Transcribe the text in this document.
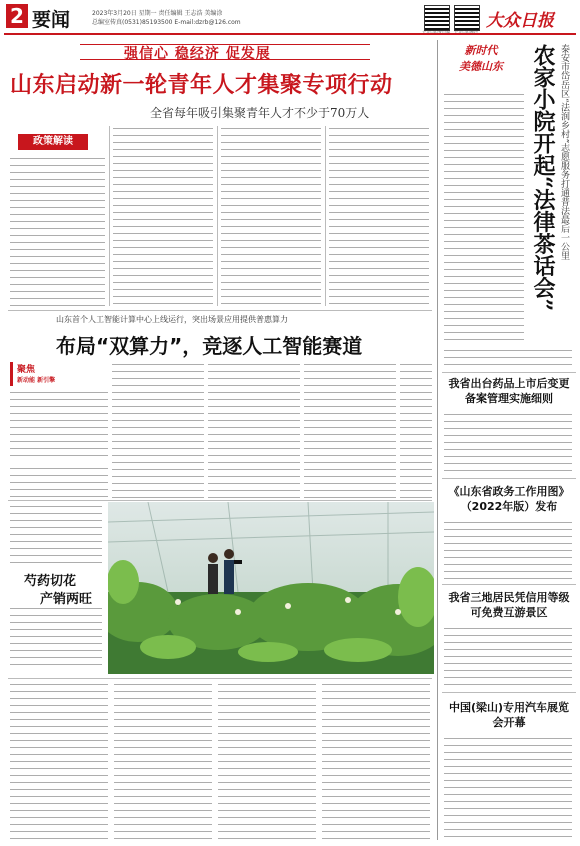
2 要闻	2023年3月20日 星期一 责任编辑 王志浩 美编涂
总编室传真(0531)85193500 E-mail:dzrb@126.com	大众日报
强信心 稳经济 促发展
山东启动新一轮青年人才集聚专项行动
全省每年吸引集聚青年人才不少于70万人
政策解读
山东首个人工智能计算中心上线运行，突出场景应用提供普惠算力
布局“双算力”，竞逐人工智能赛道
聚焦
新动能 新引擎
芍药切花
产销两旺
新时代
美德山东	农家小院开起“法律茶话会” 泰安市岱岳区“法润乡村”志愿服务打通普法最后一公里
我省出台药品上市后变更备案管理实施细则
《山东省政务工作用图》（2022年版）发布
我省三地居民凭信用等级可免费互游景区
中国(梁山)专用汽车展览会开幕
